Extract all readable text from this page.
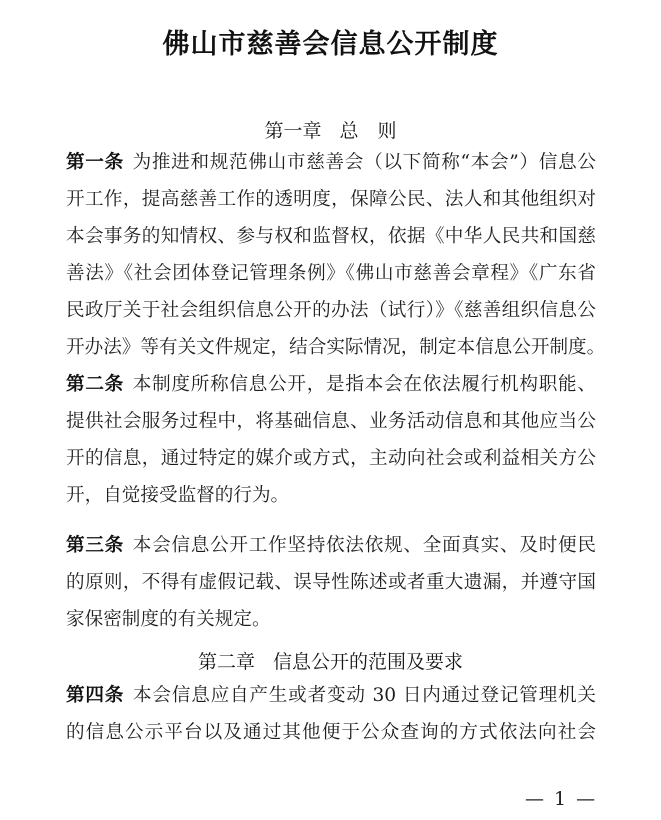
佛山市慈善会信息公开制度
第一章 总　则
第一条 为推进和规范佛山市慈善会（以下简称“本会”）信息公
开工作，提高慈善工作的透明度，保障公民、法人和其他组织对
本会事务的知情权、参与权和监督权，依据《中华人民共和国慈
善法》《社会团体登记管理条例》《佛山市慈善会章程》《广东省
民政厅关于社会组织信息公开的办法（试行）》《慈善组织信息公
开办法》等有关文件规定，结合实际情况，制定本信息公开制度。
第二条 本制度所称信息公开，是指本会在依法履行机构职能、
提供社会服务过程中，将基础信息、业务活动信息和其他应当公
开的信息，通过特定的媒介或方式，主动向社会或利益相关方公
开，自觉接受监督的行为。
第三条 本会信息公开工作坚持依法依规、全面真实、及时便民
的原则，不得有虚假记载、误导性陈述或者重大遗漏，并遵守国
家保密制度的有关规定。
第二章 信息公开的范围及要求
第四条 本会信息应自产生或者变动 30 日内通过登记管理机关
的信息公示平台以及通过其他便于公众查询的方式依法向社会
— 1 —
